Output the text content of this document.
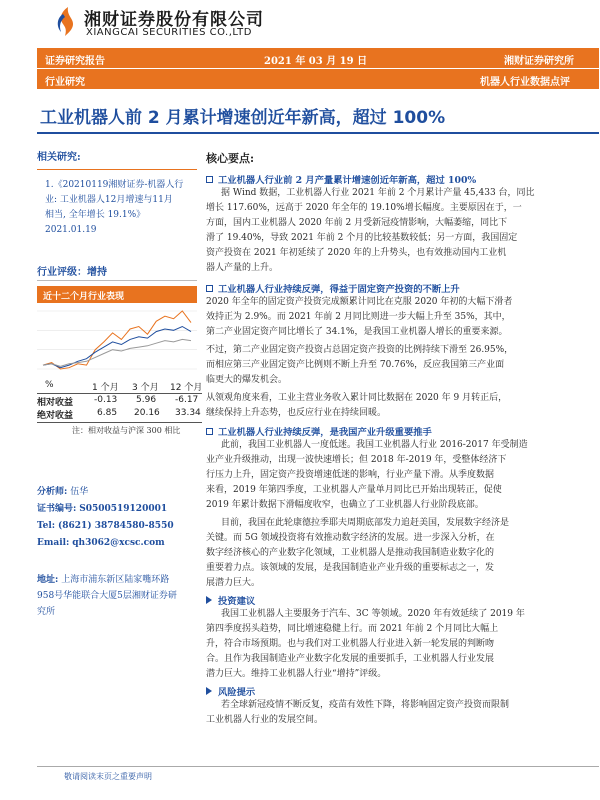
湘财证券股份有限公司
XIANGCAI SECURITIES CO.,LTD
证券研究报告	2021 年 03 月 19 日	湘财证券研究所
行业研究	机器人行业数据点评
工业机器人前 2 月累计增速创近年新高，超过 100%
相关研究:
1.《20210119湘财证券-机器人行
业: 工业机器人12月增速与11月
相当, 全年增长 19.1%》
2021.01.19
行业评级：增持
近十二个月行业表现
%	1 个月 3 个月 12 个月
相对收益 -0.13 5.96 -6.17
绝对收益	6.85 20.16 33.34
注：相对收益与沪深 300 相比
分析师: 伍华
证书编号: S0500519120001
Tel: (8621) 38784580-8550
Email: qh3062@xcsc.com
地址: 上海市浦东新区陆家嘴环路
958号华能联合大厦5层湘财证券研
究所
核心要点:
工业机器人行业前 2 月产量累计增速创近年新高，超过 100%
据 Wind 数据，工业机器人行业 2021 年前 2 个月累计产量 45,433 台，同比
增长 117.60%，远高于 2020 年全年的 19.10%增长幅度。主要原因在于，一
方面，国内工业机器人 2020 年前 2 月受新冠疫情影响，大幅萎缩，同比下
滑了 19.40%，导致 2021 年前 2 个月的比较基数较低；另一方面，我国固定
资产投资在 2021 年初延续了 2020 年的上升势头，也有效推动国内工业机
器人产量的上升。
工业机器人行业持续反弹，得益于固定资产投资的不断上升
2020 年全年的固定资产投资完成额累计同比在克服 2020 年初的大幅下滑者
效持正为 2.9%。而 2021 年前 2 月同比则进一步大幅上升至 35%，其中，
第二产业固定资产同比增长了 34.1%，是我国工业机器人增长的重要来源。
不过，第二产业固定资产投资占总固定资产投资的比例持续下滑至 26.95%，
而相应第三产业固定资产比例则不断上升至 70.76%，反应我国第三产业面
临更大的爆发机会。
从领观角度来看，工业主营业务收入累计同比数据在 2020 年 9 月转正后，
继续保持上升态势，也反应行业在持续回暖。
工业机器人行业持续反弹，是我国产业升级重要推手
此前，我国工业机器人一度低迷。我国工业机器人行业 2016-2017 年受制造
业产业升级推动，出现一波快速增长；但 2018 年-2019 年，受整体经济下
行压力上升，固定资产投资增速低迷的影响，行业产量下滑。从季度数据
来看，2019 年第四季度，工业机器人产量单月同比已开始出现转正，促使
2019 年累计数据下滑幅度收窄，也确立了工业机器人行业阶段底部。
目前，我国在此轮康德拉季耶夫周期底部发力追赶美国，发展数字经济是
关键。而 5G 领域投资将有效推动数字经济的发展。进一步深入分析，在
数字经济核心的产业数字化领域，工业机器人是推动我国制造业数字化的
重要着力点。该领域的发展，是我国制造业产业升级的重要标志之一，发
展潜力巨大。
投资建议
我国工业机器人主要服务于汽车、3C 等领域。2020 年有效延续了 2019 年
第四季度拐头趋势，同比增速稳健上行。而 2021 年前 2 个月同比大幅上
升，符合市场预期。也与我们对工业机器人行业进入新一轮发展的判断吻
合。且作为我国制造业产业数字化发展的重要抓手，工业机器人行业发展
潜力巨大。维持工业机器人行业“增持”评级。
风险提示
若全球新冠疫情不断反复，疫苗有效性下降，将影响固定资产投资而限制
工业机器人行业的发展空间。
敬请阅读末页之重要声明
